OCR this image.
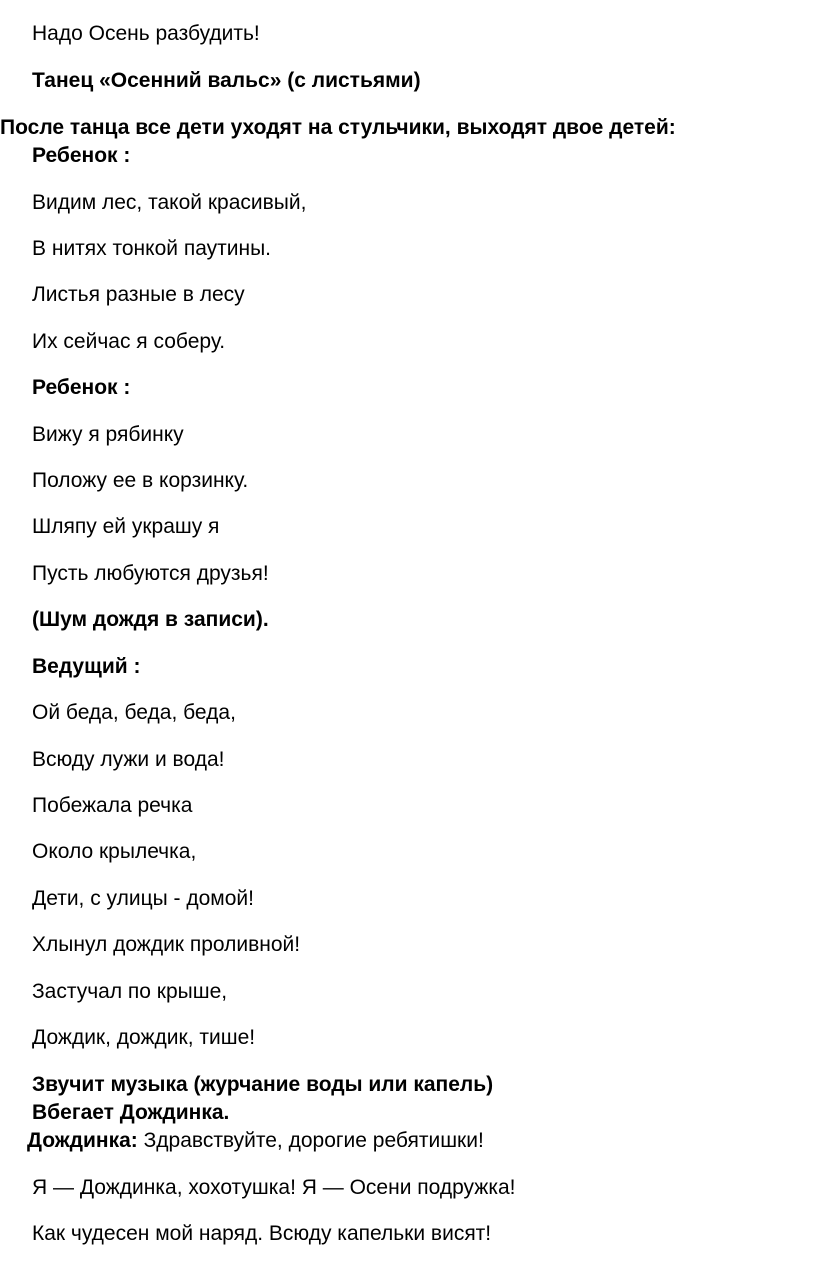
Надо Осень разбудить!
Танец «Осенний вальс» (с листьями)
После танца все дети уходят на стульчики, выходят двое детей:
Ребенок :
Видим лес, такой красивый,
В нитях тонкой паутины.
Листья разные в лесу
Их сейчас я соберу.
Ребенок :
Вижу я рябинку
Положу ее в корзинку.
Шляпу ей украшу я
Пусть любуются друзья!
(Шум дождя в записи).
Ведущий :
Ой беда, беда, беда,
Всюду лужи и вода!
Побежала речка
Около крылечка,
Дети, с улицы - домой!
Хлынул дождик проливной!
Застучал по крыше,
Дождик, дождик, тише!
Звучит музыка (журчание воды или капель)
Вбегает Дождинка.
Дождинка: Здравствуйте, дорогие ребятишки!
Я — Дождинка, хохотушка! Я — Осени подружка!
Как чудесен мой наряд. Всюду капельки висят!
